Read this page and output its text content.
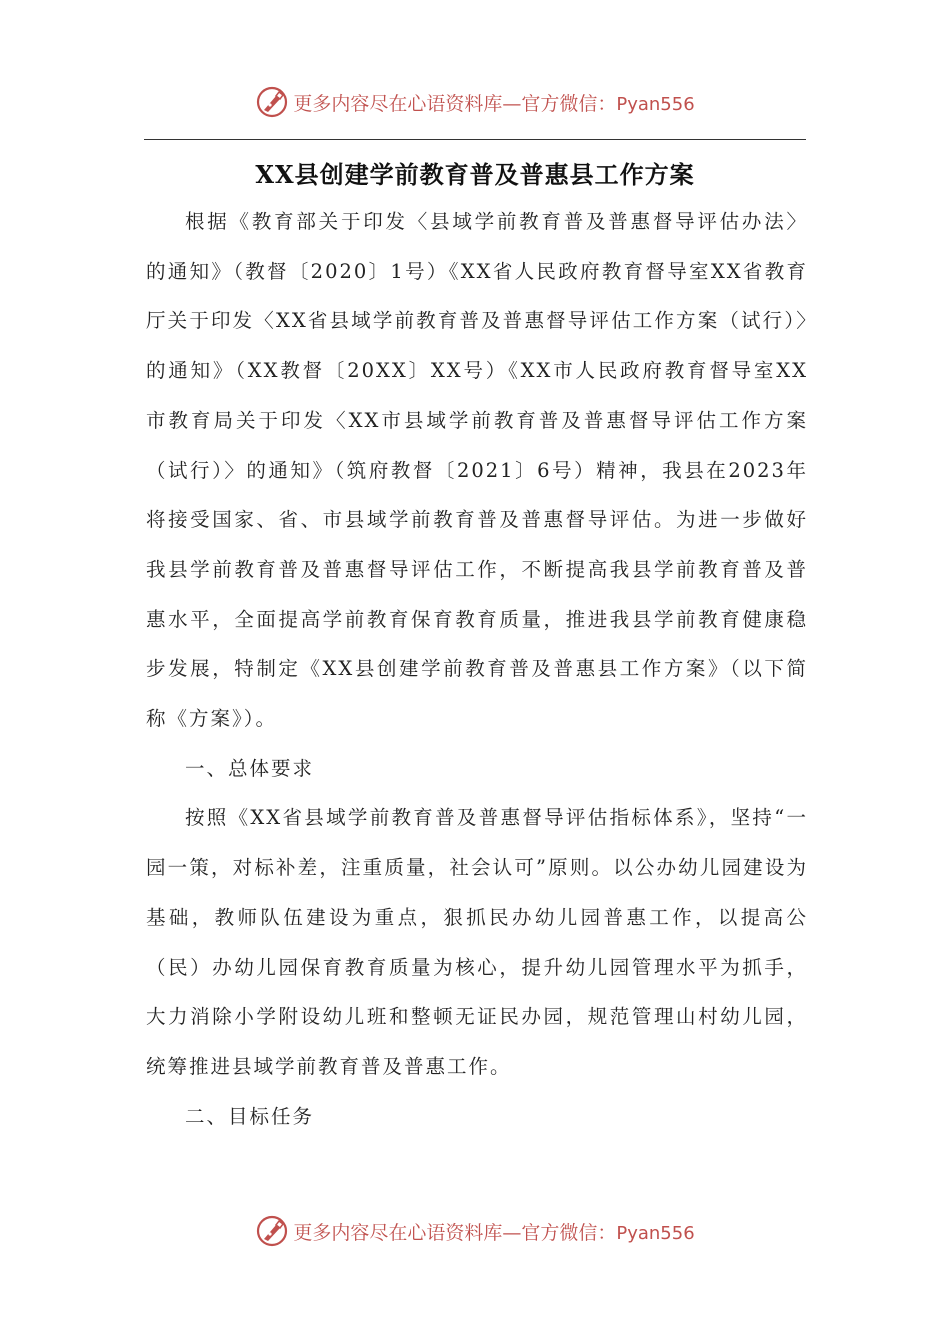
更多内容尽在心语资料库—官方微信：Pyan556
XX县创建学前教育普及普惠县工作方案

根据《教育部关于印发〈县域学前教育普及普惠督导评估办法〉的通知》（教督〔2020〕1号）《XX省人民政府教育督导室XX省教育厅关于印发〈XX省县域学前教育普及普惠督导评估工作方案（试行）〉的通知》（XX教督〔20XX〕XX号）《XX市人民政府教育督导室XX市教育局关于印发〈XX市县域学前教育普及普惠督导评估工作方案（试行）〉的通知》（筑府教督〔2021〕6号）精神，我县在2023年将接受国家、省、市县域学前教育普及普惠督导评估。为进一步做好我县学前教育普及普惠督导评估工作，不断提高我县学前教育普及普惠水平，全面提高学前教育保育教育质量，推进我县学前教育健康稳步发展，特制定《XX县创建学前教育普及普惠县工作方案》（以下简称《方案》）。

一、总体要求

按照《XX省县域学前教育普及普惠督导评估指标体系》，坚持“一园一策，对标补差，注重质量，社会认可”原则。以公办幼儿园建设为基础，教师队伍建设为重点，狠抓民办幼儿园普惠工作，以提高公（民）办幼儿园保育教育质量为核心，提升幼儿园管理水平为抓手，大力消除小学附设幼儿班和整顿无证民办园，规范管理山村幼儿园，统筹推进县域学前教育普及普惠工作。

二、目标任务

更多内容尽在心语资料库—官方微信：Pyan556
